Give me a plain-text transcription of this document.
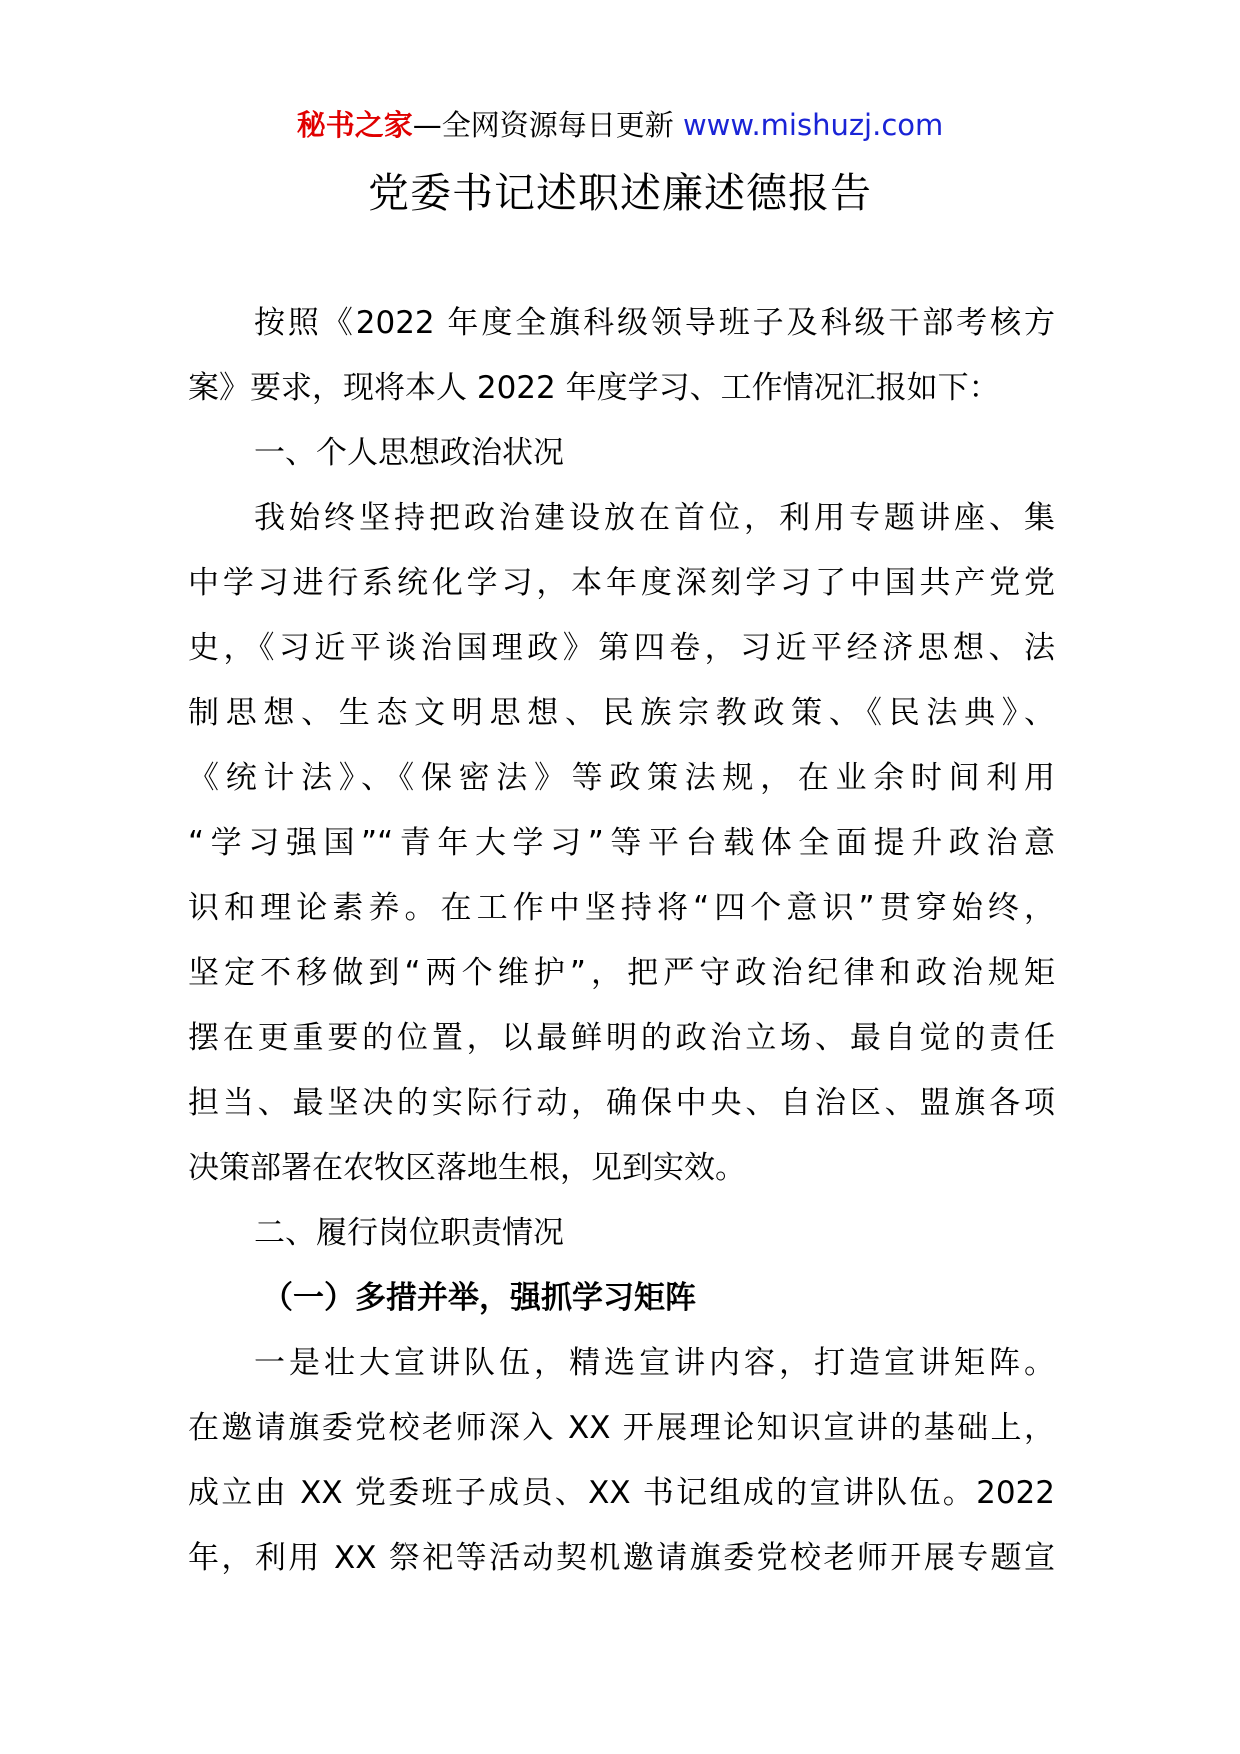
秘书之家—全网资源每日更新 www.mishuzj.com
党委书记述职述廉述德报告
按照《2022 年度全旗科级领导班子及科级干部考核方
案》要求，现将本人 2022 年度学习、工作情况汇报如下：
一、个人思想政治状况
我始终坚持把政治建设放在首位，利用专题讲座、集
中学习进行系统化学习，本年度深刻学习了中国共产党党
史，《习近平谈治国理政》第四卷，习近平经济思想、法
制思想、生态文明思想、民族宗教政策、《民法典》、
《统计法》、《保密法》等政策法规，在业余时间利用
“学习强国”“青年大学习”等平台载体全面提升政治意
识和理论素养。在工作中坚持将“四个意识”贯穿始终，
坚定不移做到“两个维护”，把严守政治纪律和政治规矩
摆在更重要的位置，以最鲜明的政治立场、最自觉的责任
担当、最坚决的实际行动，确保中央、自治区、盟旗各项
决策部署在农牧区落地生根，见到实效。
二、履行岗位职责情况
（一）多措并举，强抓学习矩阵
一是壮大宣讲队伍，精选宣讲内容，打造宣讲矩阵。
在邀请旗委党校老师深入 XX 开展理论知识宣讲的基础上，
成立由 XX 党委班子成员、XX 书记组成的宣讲队伍。2022
年，利用 XX 祭祀等活动契机邀请旗委党校老师开展专题宣
